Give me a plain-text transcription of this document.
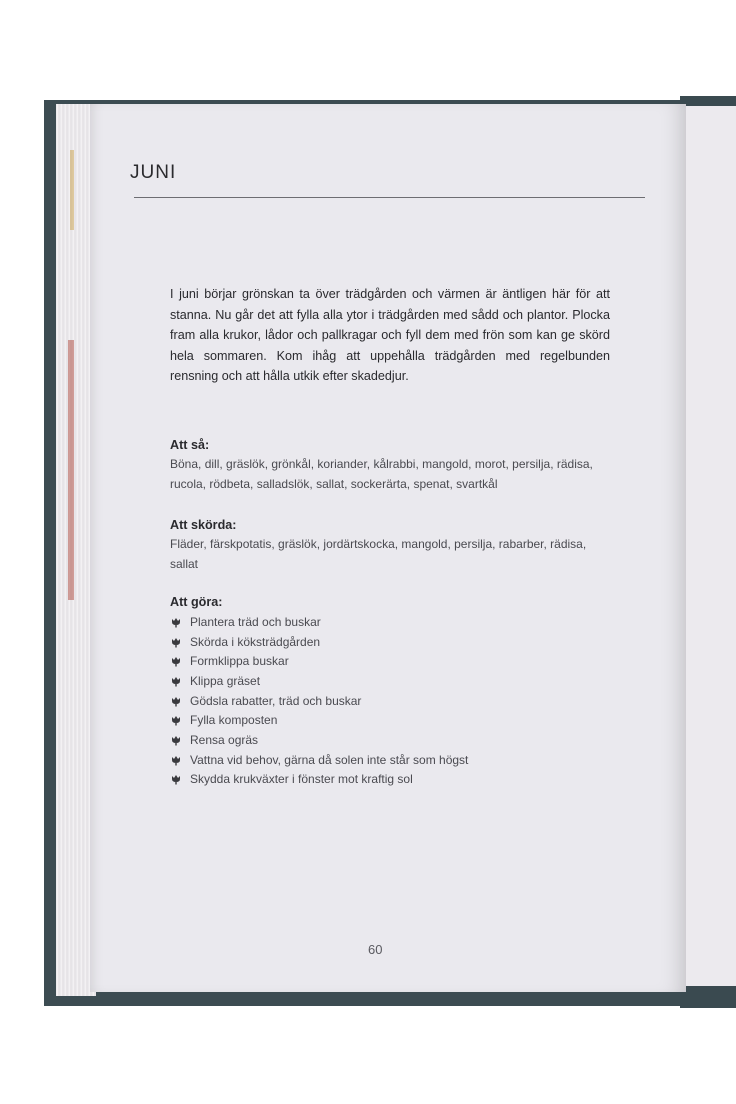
JUNI

I juni börjar grönskan ta över trädgården och värmen är äntligen här för att stanna. Nu går det att fylla alla ytor i trädgården med sådd och plantor. Plocka fram alla krukor, lådor och pallkragar och fyll dem med frön som kan ge skörd hela sommaren. Kom ihåg att uppehålla trädgården med regelbunden rensning och att hålla utkik efter skadedjur.

Att så:
Böna, dill, gräslök, grönkål, koriander, kålrabbi, mangold, morot, persilja, rädisa, rucola, rödbeta, salladslök, sallat, sockerärta, spenat, svartkål
Att skörda:
Fläder, färskpotatis, gräslök, jordärtskocka, mangold, persilja, rabarber, rädisa, sallat
Att göra:
Plantera träd och buskar
Skörda i köksträdgården
Formklippa buskar
Klippa gräset
Gödsla rabatter, träd och buskar
Fylla komposten
Rensa ogräs
Vattna vid behov, gärna då solen inte står som högst
Skydda krukväxter i fönster mot kraftig sol
60
